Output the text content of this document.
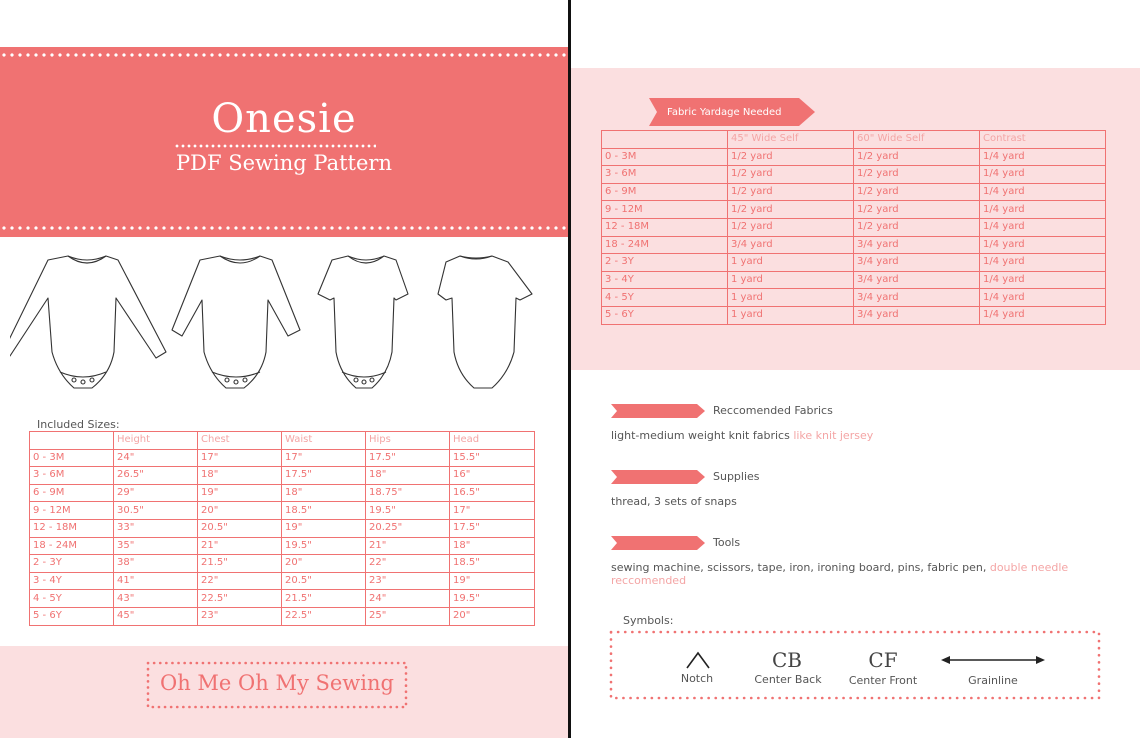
Onesie
PDF Sewing Pattern
Included Sizes:
	Height	Chest	Waist	Hips	Head
0 - 3M	24"	17"	17"	17.5"	15.5"
3 - 6M	26.5"	18"	17.5"	18"	16"
6 - 9M	29"	19"	18"	18.75"	16.5"
9 - 12M	30.5"	20"	18.5"	19.5"	17"
12 - 18M	33"	20.5"	19"	20.25"	17.5"
18 - 24M	35"	21"	19.5"	21"	18"
2 - 3Y	38"	21.5"	20"	22"	18.5"
3 - 4Y	41"	22"	20.5"	23"	19"
4 - 5Y	43"	22.5"	21.5"	24"	19.5"
5 - 6Y	45"	23"	22.5"	25"	20"
Oh Me Oh My Sewing
Fabric Yardage Needed
	45" Wide Self	60" Wide Self	Contrast
0 - 3M	1/2 yard	1/2 yard	1/4 yard
3 - 6M	1/2 yard	1/2 yard	1/4 yard
6 - 9M	1/2 yard	1/2 yard	1/4 yard
9 - 12M	1/2 yard	1/2 yard	1/4 yard
12 - 18M	1/2 yard	1/2 yard	1/4 yard
18 - 24M	3/4 yard	3/4 yard	1/4 yard
2 - 3Y	1 yard	3/4 yard	1/4 yard
3 - 4Y	1 yard	3/4 yard	1/4 yard
4 - 5Y	1 yard	3/4 yard	1/4 yard
5 - 6Y	1 yard	3/4 yard	1/4 yard
Reccomended Fabrics
light-medium weight knit fabrics like knit jersey
Supplies
thread, 3 sets of snaps
Tools
sewing machine, scissors, tape, iron, ironing board, pins, fabric pen, double needle
reccomended
Symbols:
Notch
CB
Center Back
CF
Center Front	Grainline
